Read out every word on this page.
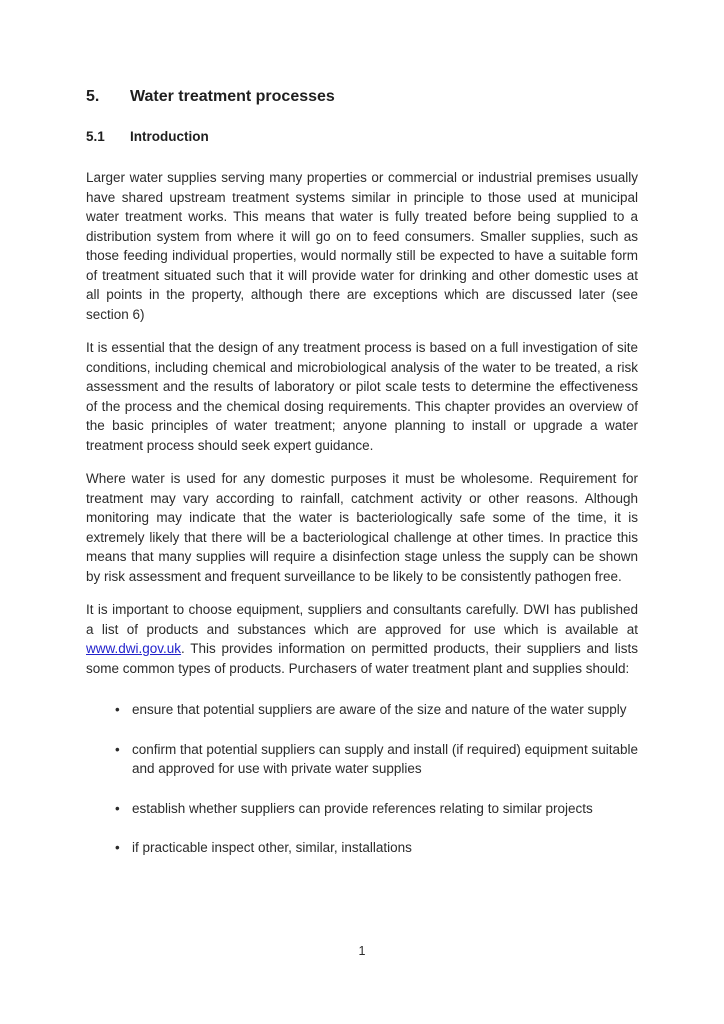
5.	Water treatment processes
5.1	Introduction

Larger water supplies serving many properties or commercial or industrial premises usually have shared upstream treatment systems similar in principle to those used at municipal water treatment works. This means that water is fully treated before being supplied to a distribution system from where it will go on to feed consumers. Smaller supplies, such as those feeding individual properties, would normally still be expected to have a suitable form of treatment situated such that it will provide water for drinking and other domestic uses at all points in the property, although there are exceptions which are discussed later (see section 6)

It is essential that the design of any treatment process is based on a full investigation of site conditions, including chemical and microbiological analysis of the water to be treated, a risk assessment and the results of laboratory or pilot scale tests to determine the effectiveness of the process and the chemical dosing requirements. This chapter provides an overview of the basic principles of water treatment; anyone planning to install or upgrade a water treatment process should seek expert guidance.

Where water is used for any domestic purposes it must be wholesome. Requirement for treatment may vary according to rainfall, catchment activity or other reasons. Although monitoring may indicate that the water is bacteriologically safe some of the time, it is extremely likely that there will be a bacteriological challenge at other times. In practice this means that many supplies will require a disinfection stage unless the supply can be shown by risk assessment and frequent surveillance to be likely to be consistently pathogen free.

It is important to choose equipment, suppliers and consultants carefully. DWI has published a list of products and substances which are approved for use which is available at www.dwi.gov.uk. This provides information on permitted products, their suppliers and lists some common types of products. Purchasers of water treatment plant and supplies should:

• ensure that potential suppliers are aware of the size and nature of the water supply
• confirm that potential suppliers can supply and install (if required) equipment suitable and approved for use with private water supplies
• establish whether suppliers can provide references relating to similar projects
• if practicable inspect other, similar, installations
1
